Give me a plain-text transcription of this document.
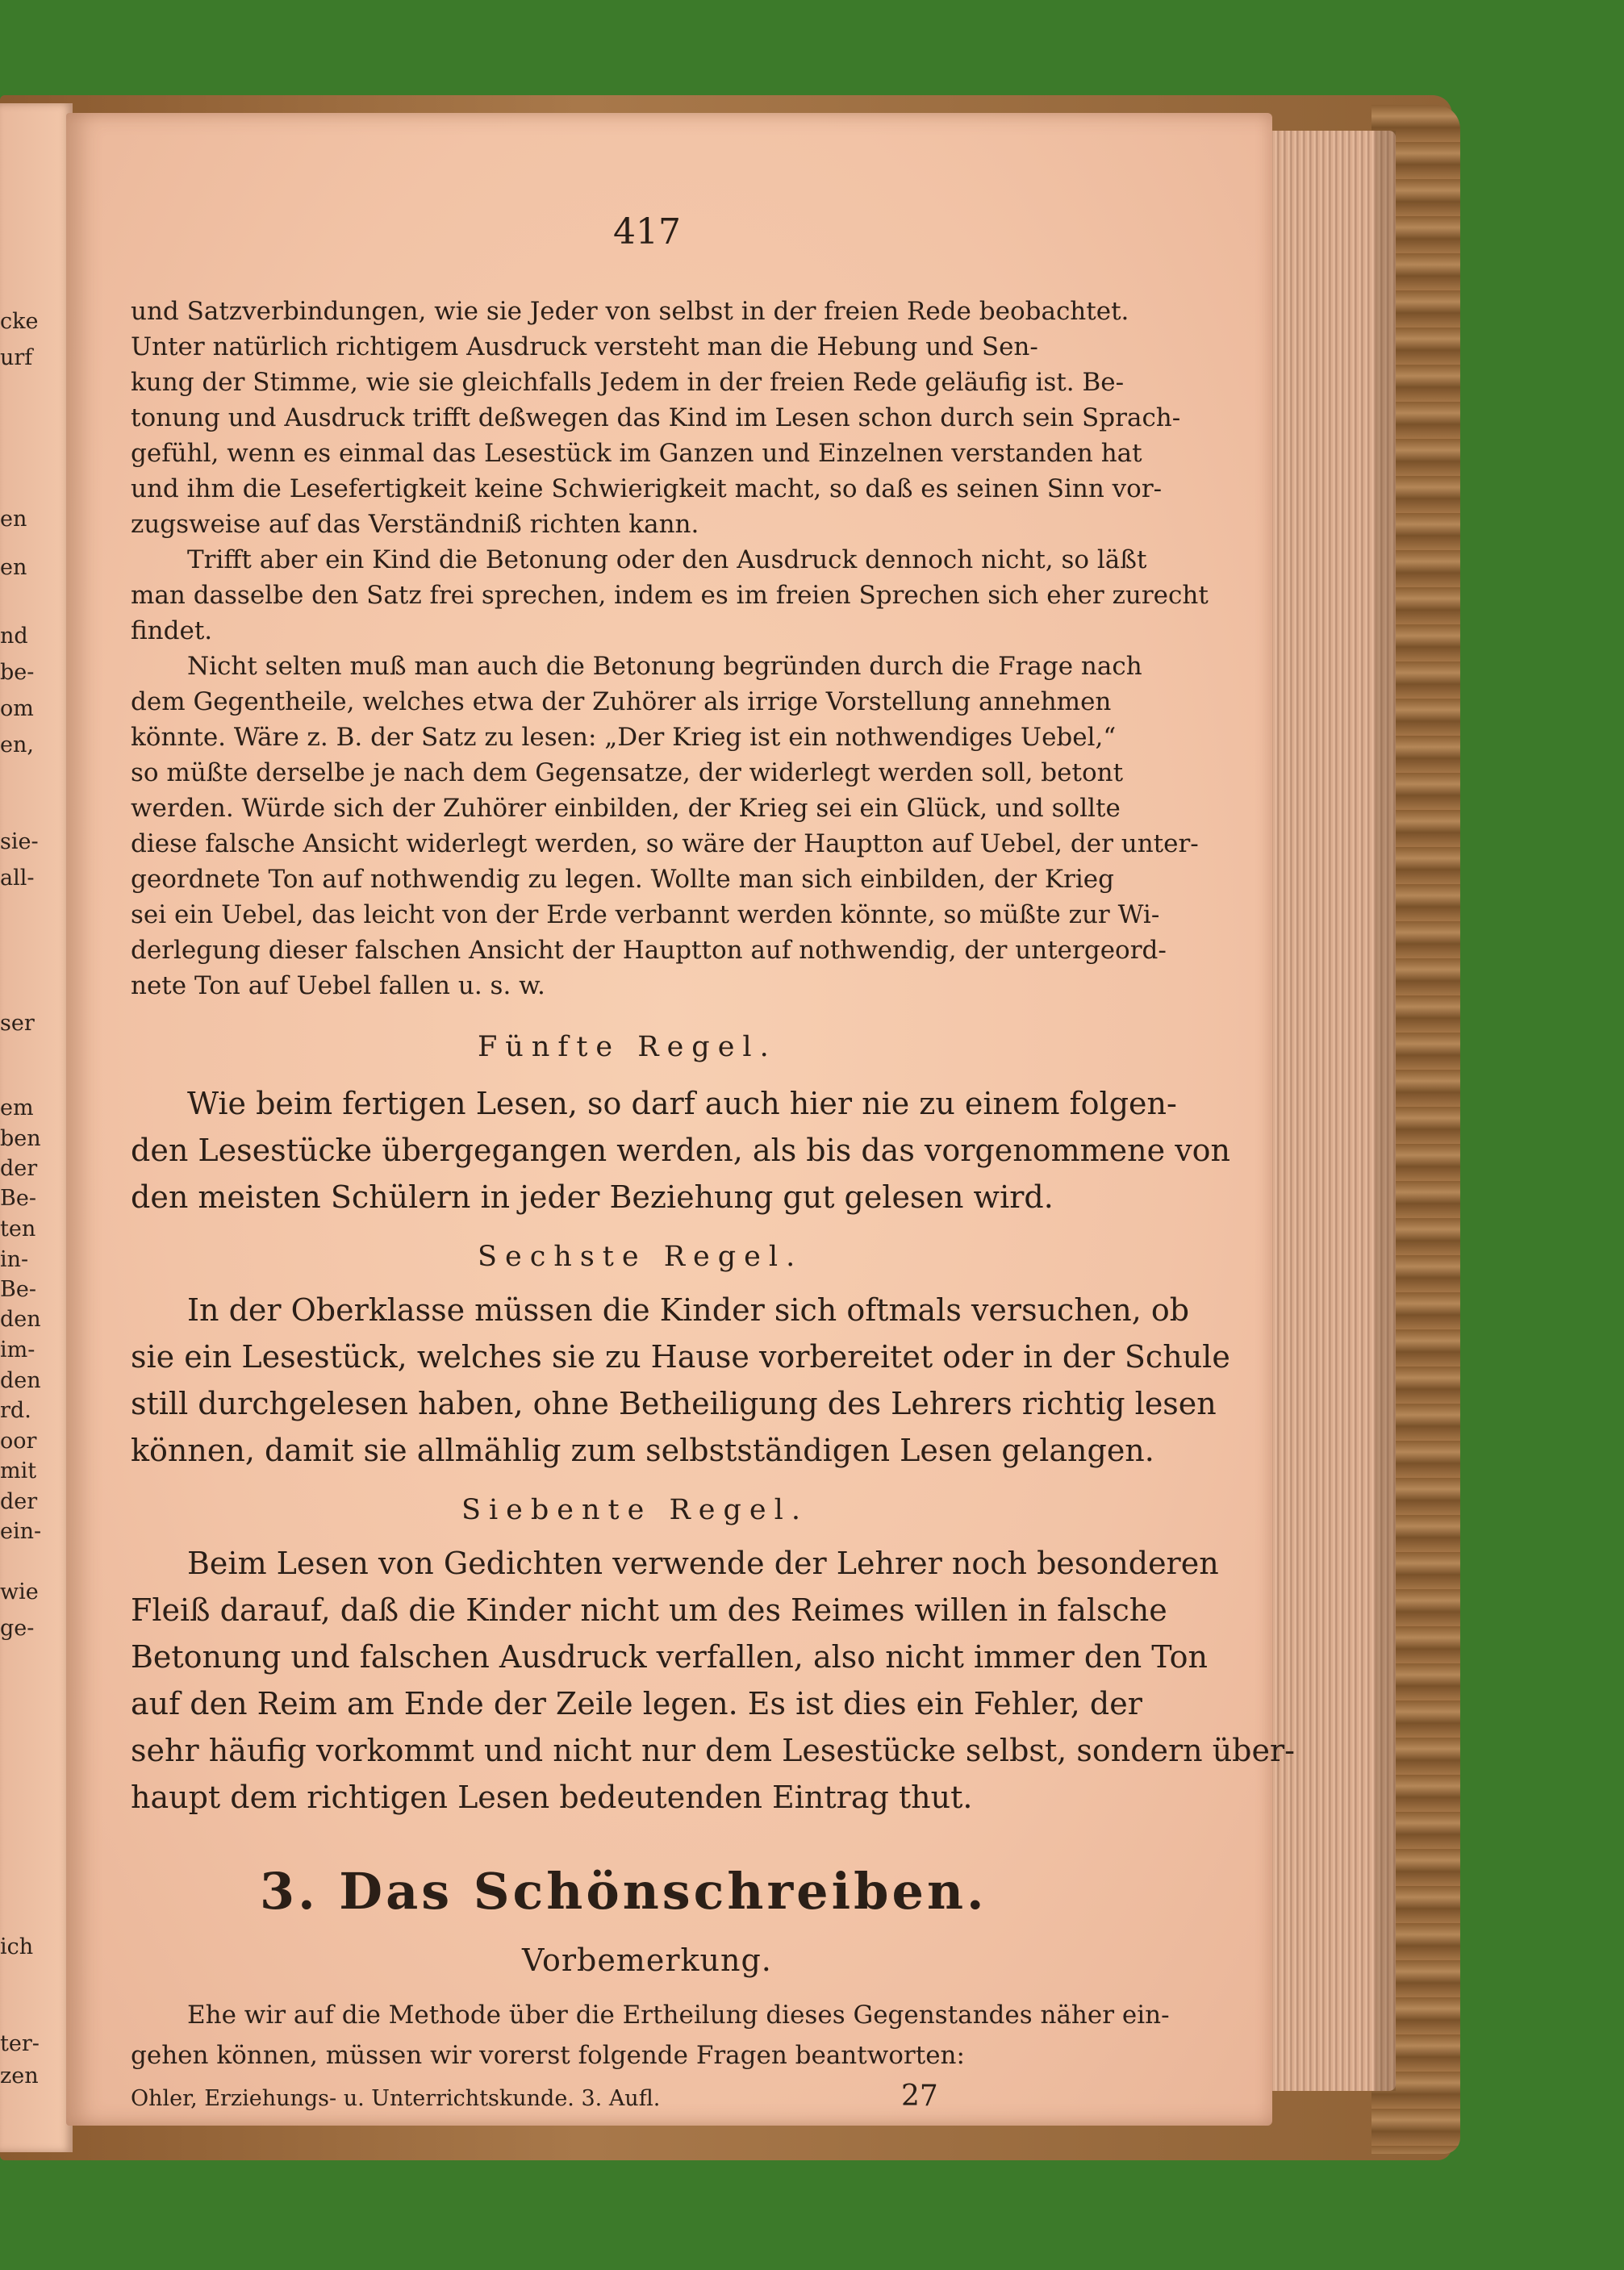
cke
urf
en
en
nd
be-
om
en,
sie-
all-
ser
em
ben
der
Be-
ten
in-
Be-
den
im-
den
rd.
oor
mit
der
ein-
wie
ge-
ich
ter-
zen
417
und Satzverbindungen, wie sie Jeder von selbst in der freien Rede beobachtet.
Unter natürlich richtigem Ausdruck versteht man die Hebung und Sen-
kung der Stimme, wie sie gleichfalls Jedem in der freien Rede geläufig ist. Be-
tonung und Ausdruck trifft deßwegen das Kind im Lesen schon durch sein Sprach-
gefühl, wenn es einmal das Lesestück im Ganzen und Einzelnen verstanden hat
und ihm die Lesefertigkeit keine Schwierigkeit macht, so daß es seinen Sinn vor-
zugsweise auf das Verständniß richten kann.
Trifft aber ein Kind die Betonung oder den Ausdruck dennoch nicht, so läßt
man dasselbe den Satz frei sprechen, indem es im freien Sprechen sich eher zurecht
findet.
Nicht selten muß man auch die Betonung begründen durch die Frage nach
dem Gegentheile, welches etwa der Zuhörer als irrige Vorstellung annehmen
könnte. Wäre z. B. der Satz zu lesen: „Der Krieg ist ein nothwendiges Uebel,“
so müßte derselbe je nach dem Gegensatze, der widerlegt werden soll, betont
werden. Würde sich der Zuhörer einbilden, der Krieg sei ein Glück, und sollte
diese falsche Ansicht widerlegt werden, so wäre der Hauptton auf Uebel, der unter-
geordnete Ton auf nothwendig zu legen. Wollte man sich einbilden, der Krieg
sei ein Uebel, das leicht von der Erde verbannt werden könnte, so müßte zur Wi-
derlegung dieser falschen Ansicht der Hauptton auf nothwendig, der untergeord-
nete Ton auf Uebel fallen u. s. w.
Fünfte Regel.
Wie beim fertigen Lesen, so darf auch hier nie zu einem folgen-
den Lesestücke übergegangen werden, als bis das vorgenommene von
den meisten Schülern in jeder Beziehung gut gelesen wird.
Sechste Regel.
In der Oberklasse müssen die Kinder sich oftmals versuchen, ob
sie ein Lesestück, welches sie zu Hause vorbereitet oder in der Schule
still durchgelesen haben, ohne Betheiligung des Lehrers richtig lesen
können, damit sie allmählig zum selbstständigen Lesen gelangen.
Siebente Regel.
Beim Lesen von Gedichten verwende der Lehrer noch besonderen
Fleiß darauf, daß die Kinder nicht um des Reimes willen in falsche
Betonung und falschen Ausdruck verfallen, also nicht immer den Ton
auf den Reim am Ende der Zeile legen. Es ist dies ein Fehler, der
sehr häufig vorkommt und nicht nur dem Lesestücke selbst, sondern über-
haupt dem richtigen Lesen bedeutenden Eintrag thut.
3. Das Schönschreiben.
Vorbemerkung.
Ehe wir auf die Methode über die Ertheilung dieses Gegenstandes näher ein-
gehen können, müssen wir vorerst folgende Fragen beantworten:
Ohler, Erziehungs- u. Unterrichtskunde. 3. Aufl.	27
